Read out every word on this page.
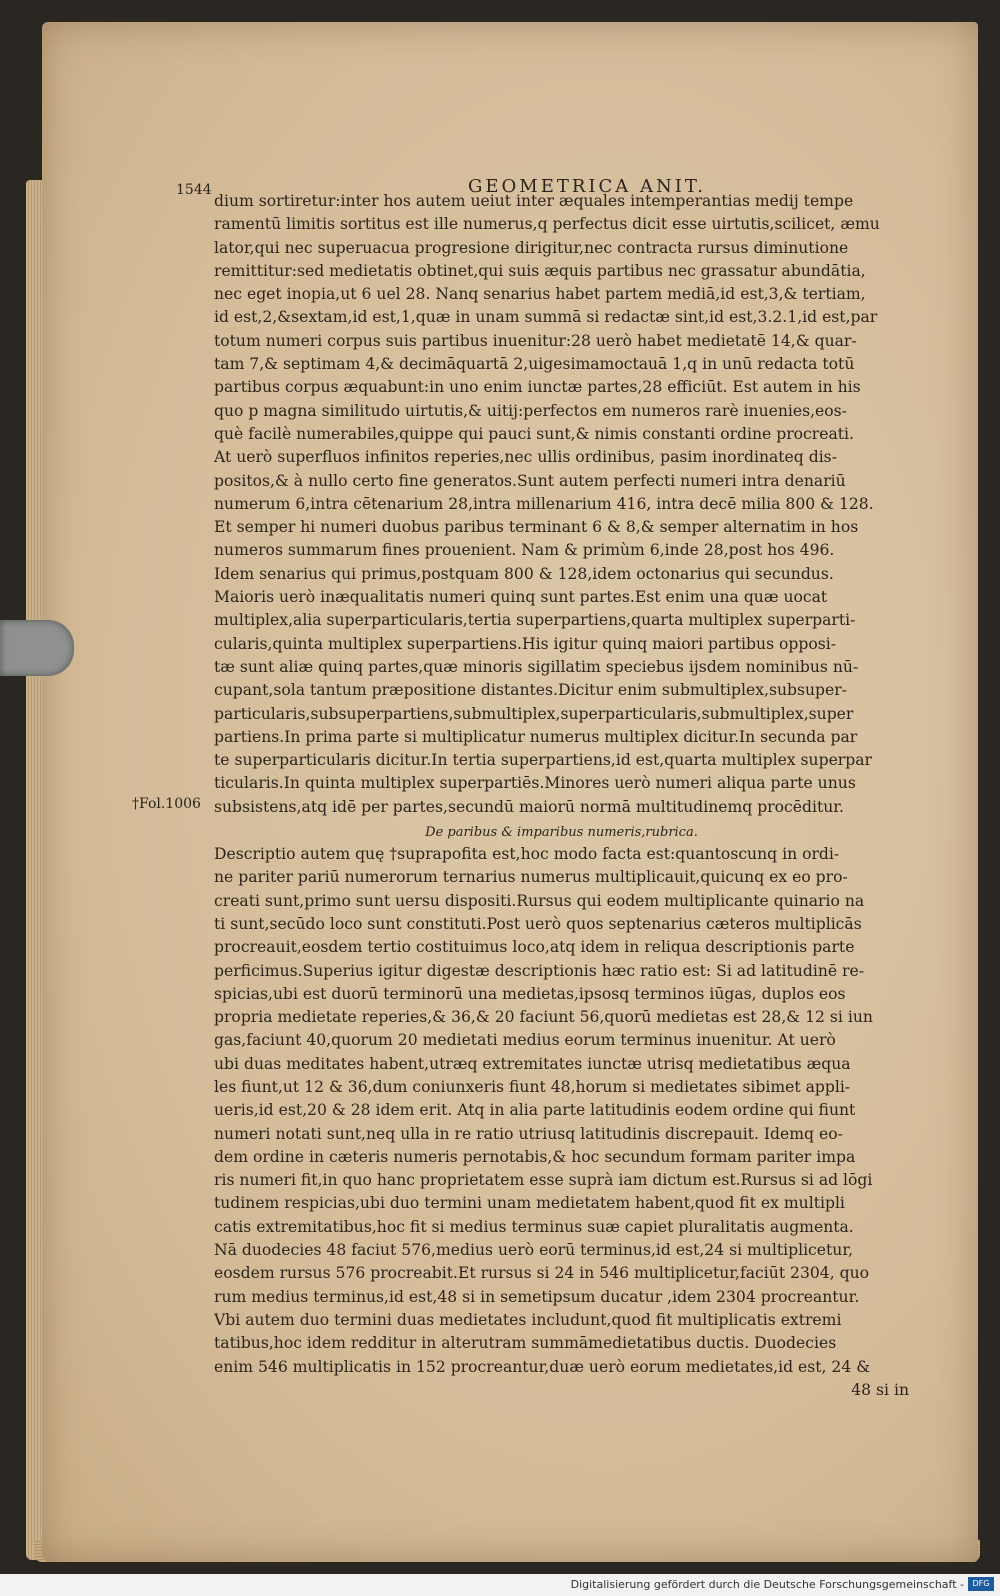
1544	GEOMETRICA ANIT.
†Fol.1006
dium sortiretur:inter hos autem ueiut inter æquales intemperantias medij tempe
ramentū limitis sortitus est ille numerus,q perfectus dicit esse uirtutis,scilicet, æmu
lator,qui nec superuacua progresione dirigitur,nec contracta rursus diminutione
remittitur:sed medietatis obtinet,qui suis æquis partibus nec grassatur abundātia,
nec eget inopia,ut 6 uel 28. Nanq senarius habet partem mediā,id est,3,& tertiam,
id est,2,&sextam,id est,1,quæ in unam summā si redactæ sint,id est,3.2.1,id est,par
totum numeri corpus suis partibus inuenitur:28 uerò habet medietatē 14,& quar-
tam 7,& septimam 4,& decimāquartā 2,uigesimamoctauā 1,q in unū redacta totū
partibus corpus æquabunt:in uno enim iunctæ partes,28 efficiūt. Est autem in his
quo p magna similitudo uirtutis,& uitij:perfectos em numeros rarè inuenies,eos-
què facilè numerabiles,quippe qui pauci sunt,& nimis constanti ordine procreati.
At uerò superfluos infinitos reperies,nec ullis ordinibus, pasim inordinateq dis-
positos,& à nullo certo fine generatos.Sunt autem perfecti numeri intra denariū
numerum 6,intra cētenarium 28,intra millenarium 416, intra decē milia 800 & 128.
Et semper hi numeri duobus paribus terminant 6 & 8,& semper alternatim in hos
numeros summarum fines prouenient. Nam & primùm 6,inde 28,post hos 496.
Idem senarius qui primus,postquam 800 & 128,idem octonarius qui secundus.
Maioris uerò inæqualitatis numeri quinq sunt partes.Est enim una quæ uocat
multiplex,alia superparticularis,tertia superpartiens,quarta multiplex superparti-
cularis,quinta multiplex superpartiens.His igitur quinq maiori partibus opposi-
tæ sunt aliæ quinq partes,quæ minoris sigillatim speciebus ijsdem nominibus nū-
cupant,sola tantum præpositione distantes.Dicitur enim submultiplex,subsuper-
particularis,subsuperpartiens,submultiplex,superparticularis,submultiplex,super
partiens.In prima parte si multiplicatur numerus multiplex dicitur.In secunda par
te superparticularis dicitur.In tertia superpartiens,id est,quarta multiplex superpar
ticularis.In quinta multiplex superpartiēs.Minores uerò numeri aliqua parte unus
subsistens,atq idē per partes,secundū maiorū normā multitudinemq procēditur.
De paribus & imparibus numeris,rubrica.
Descriptio autem quę †suprapofita est,hoc modo facta est:quantoscunq in ordi-
ne pariter pariū numerorum ternarius numerus multiplicauit,quicunq ex eo pro-
creati sunt,primo sunt uersu dispositi.Rursus qui eodem multiplicante quinario na
ti sunt,secūdo loco sunt constituti.Post uerò quos septenarius cæteros multiplicās
procreauit,eosdem tertio costituimus loco,atq idem in reliqua descriptionis parte
perficimus.Superius igitur digestæ descriptionis hæc ratio est: Si ad latitudinē re-
spicias,ubi est duorū terminorū una medietas,ipsosq terminos iūgas, duplos eos
propria medietate reperies,& 36,& 20 faciunt 56,quorū medietas est 28,& 12 si iun
gas,faciunt 40,quorum 20 medietati medius eorum terminus inuenitur. At uerò
ubi duas meditates habent,utræq extremitates iunctæ utrisq medietatibus æqua
les fiunt,ut 12 & 36,dum coniunxeris fiunt 48,horum si medietates sibimet appli-
ueris,id est,20 & 28 idem erit. Atq in alia parte latitudinis eodem ordine qui fiunt
numeri notati sunt,neq ulla in re ratio utriusq latitudinis discrepauit. Idemq eo-
dem ordine in cæteris numeris pernotabis,& hoc secundum formam pariter impa
ris numeri fit,in quo hanc proprietatem esse suprà iam dictum est.Rursus si ad lōgi
tudinem respicias,ubi duo termini unam medietatem habent,quod fit ex multipli
catis extremitatibus,hoc fit si medius terminus suæ capiet pluralitatis augmenta.
Nā duodecies 48 faciut 576,medius uerò eorū terminus,id est,24 si multiplicetur,
eosdem rursus 576 procreabit.Et rursus si 24 in 546 multiplicetur,faciūt 2304, quo
rum medius terminus,id est,48 si in semetipsum ducatur ,idem 2304 procreantur.
Vbi autem duo termini duas medietates includunt,quod fit multiplicatis extremi
tatibus,hoc idem redditur in alterutram summāmedietatibus ductis. Duodecies
enim 546 multiplicatis in 152 procreantur,duæ uerò eorum medietates,id est, 24 &
48 si in
Digitalisierung gefördert durch die Deutsche Forschungsgemeinschaft -	DFG
